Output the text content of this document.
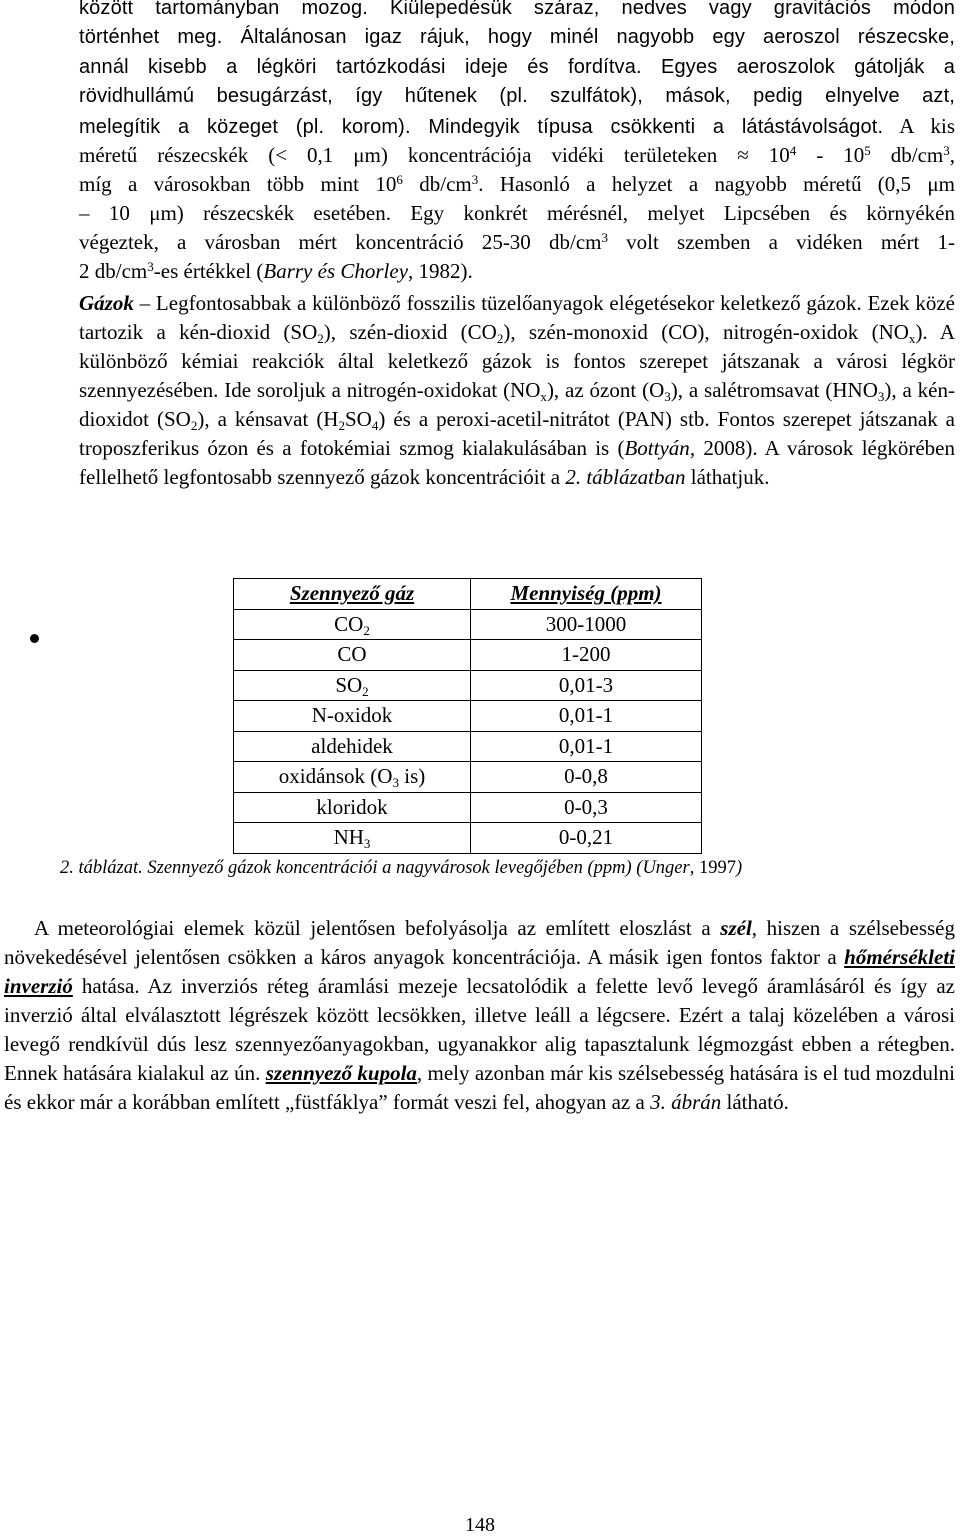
között tartományban mozog. Kiülepedésük száraz, nedves vagy gravitációs módon
történhet meg. Általánosan igaz rájuk, hogy minél nagyobb egy aeroszol részecske,
annál kisebb a légköri tartózkodási ideje és fordítva. Egyes aeroszolok gátolják a
rövidhullámú besugárzást, így hűtenek (pl. szulfátok), mások, pedig elnyelve azt,
melegítik a közeget (pl. korom). Mindegyik típusa csökkenti a látástávolságot. A kis
méretű részecskék (< 0,1 μm) koncentrációja vidéki területeken ≈ $10^4 - 10^5$ $db/cm^3$,
míg a városokban több mint $10^6$ $db/cm^3$. Hasonló a helyzet a nagyobb méretű (0,5 μm
– 10 μm) részecskék esetében. Egy konkrét mérésnél, melyet Lipcsében és környékén
végeztek, a városban mért koncentráció 25-30 $db/cm^3$ volt szemben a vidéken mért 1-
2 $db/cm^3-es$ értékkel (Barry és Chorley, 1982).

Gázok – Legfontosabbak a különböző fosszilis tüzelőanyagok elégetésekor keletkező gázok. Ezek közé tartozik a kén-dioxid $(SO_2)$, szén-dioxid $(CO_2)$, szén-monoxid (CO), nitrogén-oxidok $(NO_x)$. A különböző kémiai reakciók által keletkező gázok is fontos szerepet játszanak a városi légkör szennyezésében. Ide soroljuk a nitrogén-oxidokat $(NO_x)$, az ózont $(O_3)$, a salétromsavat $(HNO_3)$, a kén-dioxidot $(SO_2)$, a kénsavat $(H_2SO_4)$ és a peroxi-acetil-nitrátot (PAN) stb. Fontos szerepet játszanak a troposzferikus ózon és a fotokémiai szmog kialakulásában is (Bottyán, 2008). A városok légkörében fellelhető legfontosabb szennyező gázok koncentrációit a 2. táblázatban láthatjuk.

Szennyező gáz	Mennyiség (ppm)
$CO_2$	300-1000
CO	1-200
$SO_2$	0,01-3
N-oxidok	0,01-1
aldehidek	0,01-1
oxidánsok ($O_3$ is)	0-0,8
kloridok	0-0,3
$NH_3$	0-0,21
2. táblázat. Szennyező gázok koncentrációi a nagyvárosok levegőjében (ppm) (Unger, 1997)

A meteorológiai elemek közül jelentősen befolyásolja az említett eloszlást a szél, hiszen a szélsebesség növekedésével jelentősen csökken a káros anyagok koncentrációja. A másik igen fontos faktor a hőmérsékleti inverzió hatása. Az inverziós réteg áramlási mezeje lecsatolódik a felette levő levegő áramlásáról és így az inverzió által elválasztott légrészek között lecsökken, illetve leáll a légcsere. Ezért a talaj közelében a városi levegő rendkívül dús lesz szennyezőanyagokban, ugyanakkor alig tapasztalunk légmozgást ebben a rétegben. Ennek hatására kialakul az ún. szennyező kupola, mely azonban már kis szélsebesség hatására is el tud mozdulni és ekkor már a korábban említett „füstfáklya” formát veszi fel, ahogyan az a 3. ábrán látható.

148
